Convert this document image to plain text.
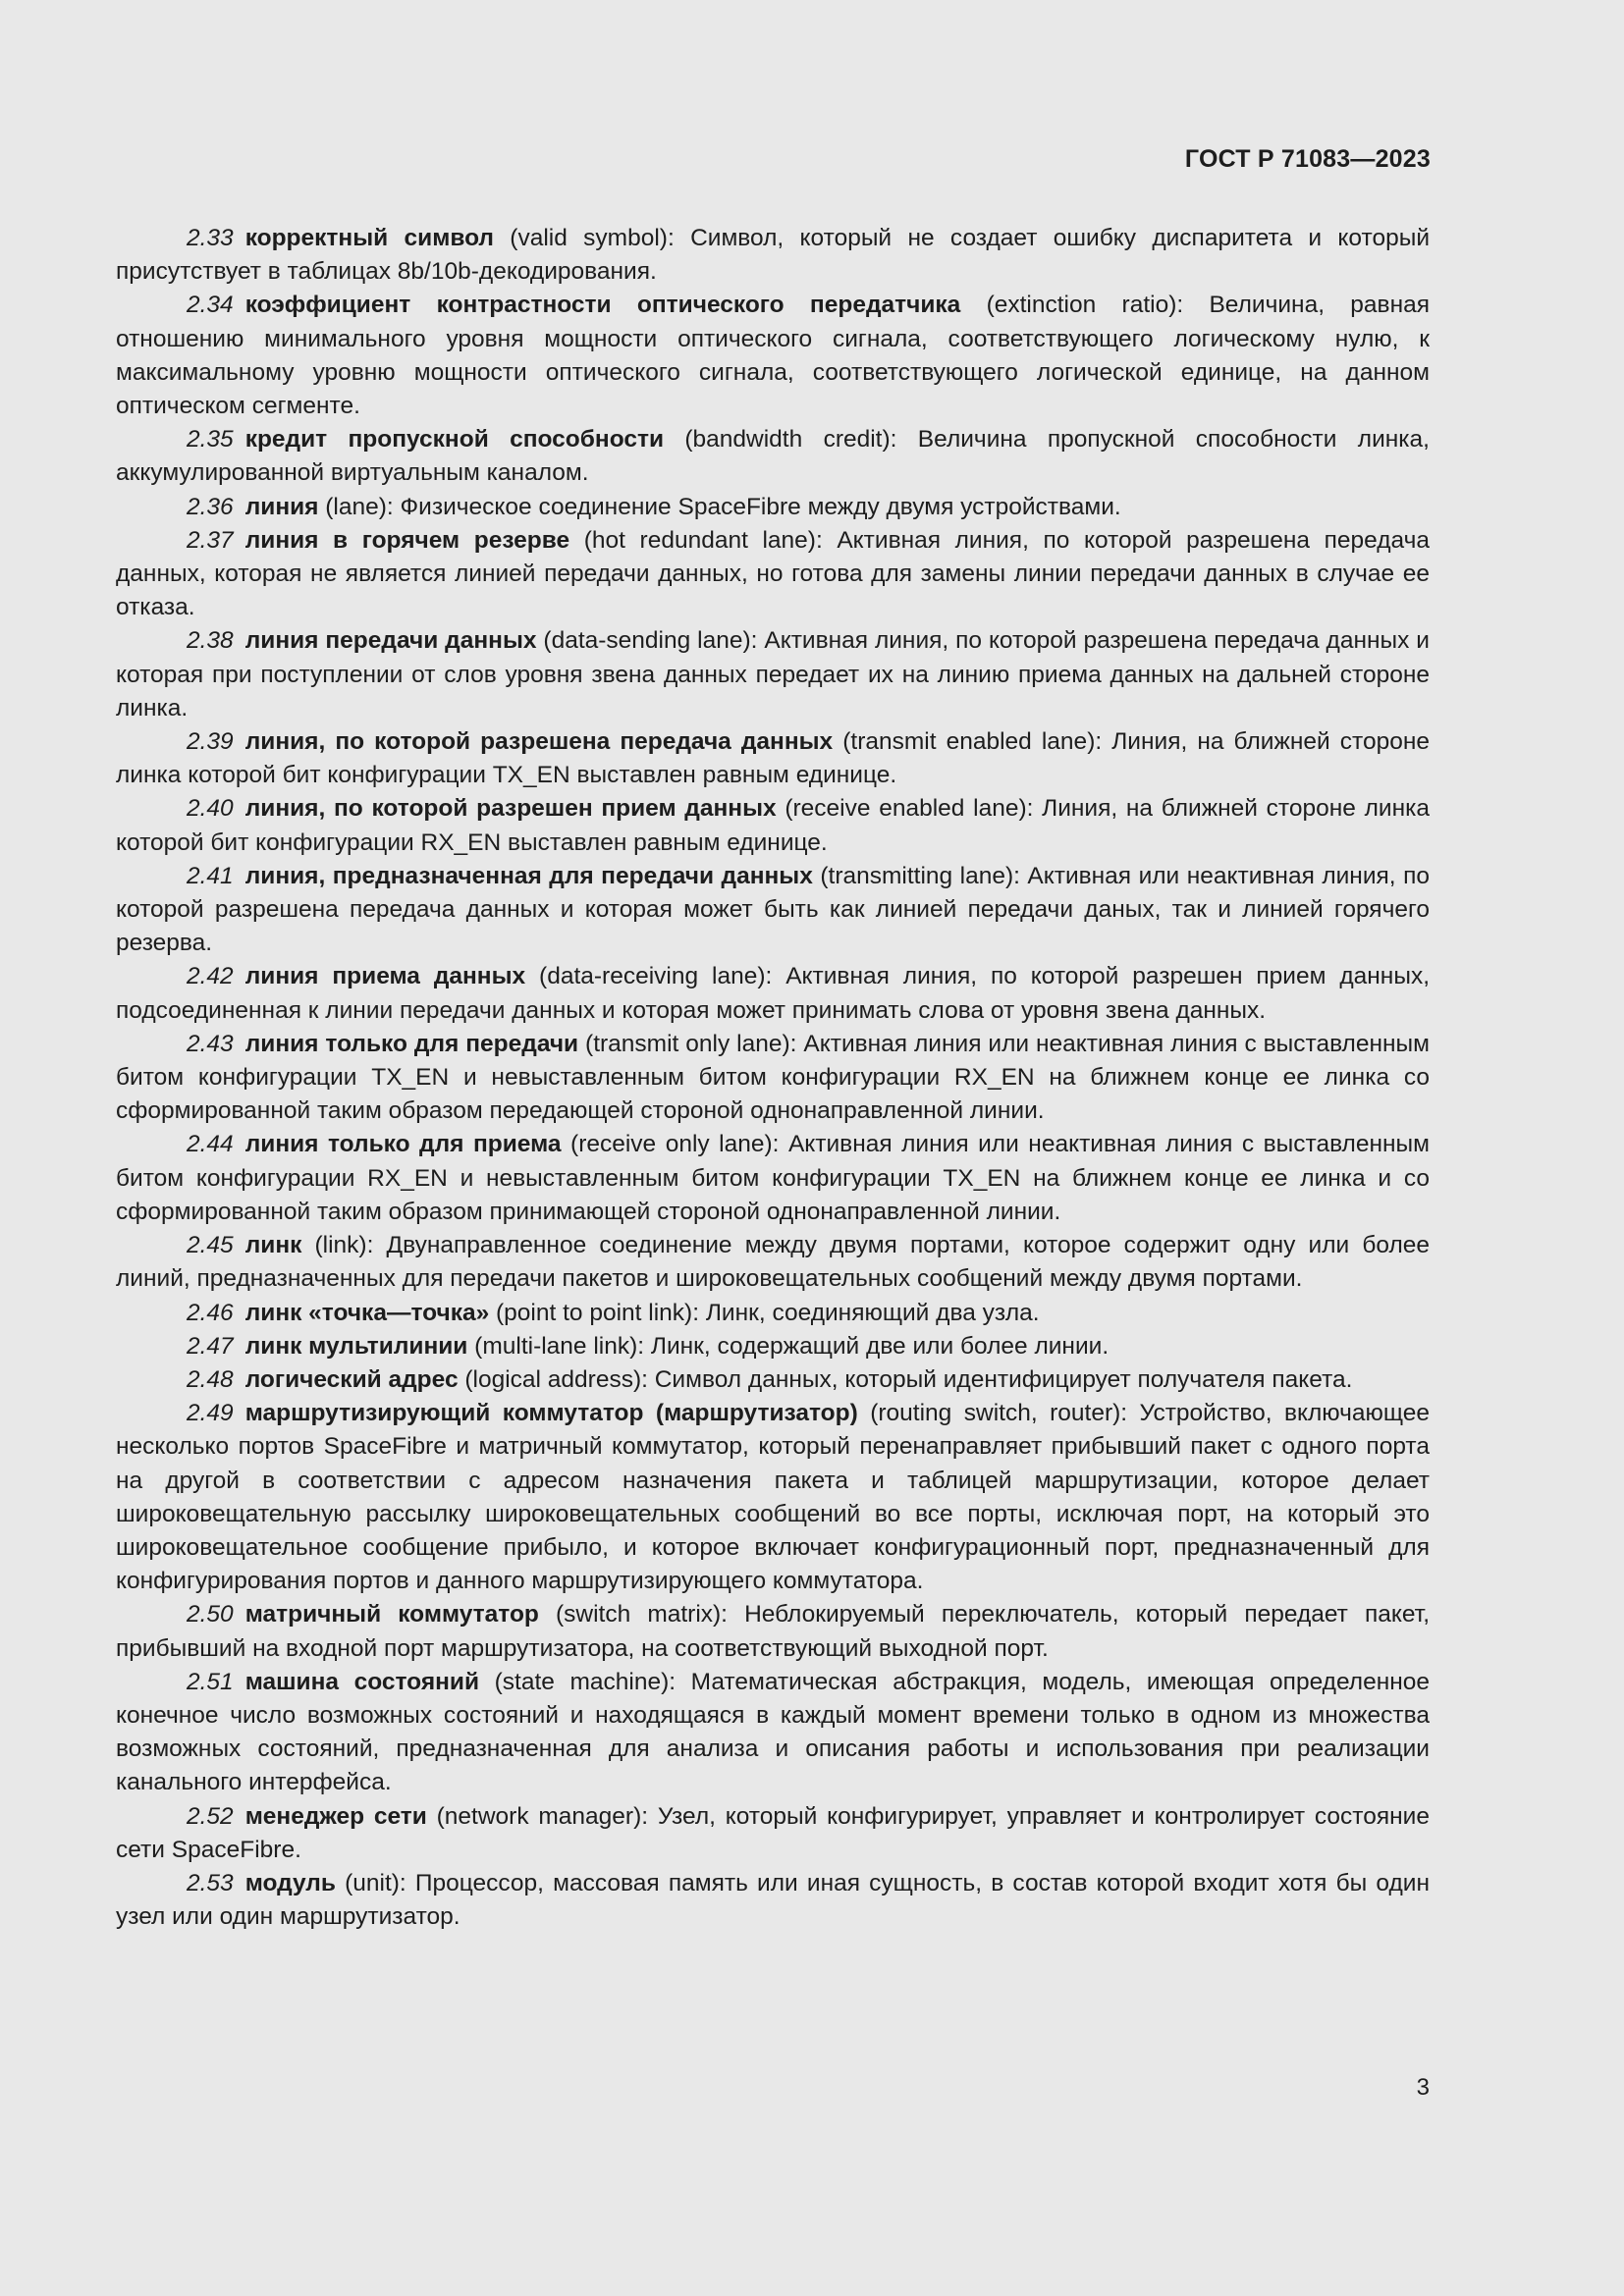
ГОСТ Р 71083—2023

2.33 корректный символ (valid symbol): Символ, который не создает ошибку диспаритета и который присутствует в таблицах 8b/10b-декодирования.

2.34 коэффициент контрастности оптического передатчика (extinction ratio): Величина, равная отношению минимального уровня мощности оптического сигнала, соответствующего логическому нулю, к максимальному уровню мощности оптического сигнала, соответствующего логической единице, на данном оптическом сегменте.

2.35 кредит пропускной способности (bandwidth credit): Величина пропускной способности линка, аккумулированной виртуальным каналом.

2.36 линия (lane): Физическое соединение SpaceFibre между двумя устройствами.

2.37 линия в горячем резерве (hot redundant lane): Активная линия, по которой разрешена передача данных, которая не является линией передачи данных, но готова для замены линии передачи данных в случае ее отказа.

2.38 линия передачи данных (data-sending lane): Активная линия, по которой разрешена передача данных и которая при поступлении от слов уровня звена данных передает их на линию приема данных на дальней стороне линка.

2.39 линия, по которой разрешена передача данных (transmit enabled lane): Линия, на ближней стороне линка которой бит конфигурации TX_EN выставлен равным единице.

2.40 линия, по которой разрешен прием данных (receive enabled lane): Линия, на ближней стороне линка которой бит конфигурации RX_EN выставлен равным единице.

2.41 линия, предназначенная для передачи данных (transmitting lane): Активная или неактивная линия, по которой разрешена передача данных и которая может быть как линией передачи даных, так и линией горячего резерва.

2.42 линия приема данных (data-receiving lane): Активная линия, по которой разрешен прием данных, подсоединенная к линии передачи данных и которая может принимать слова от уровня звена данных.

2.43 линия только для передачи (transmit only lane): Активная линия или неактивная линия с выставленным битом конфигурации TX_EN и невыставленным битом конфигурации RX_EN на ближнем конце ее линка со сформированной таким образом передающей стороной однонаправленной линии.

2.44 линия только для приема (receive only lane): Активная линия или неактивная линия с выставленным битом конфигурации RX_EN и невыставленным битом конфигурации TX_EN на ближнем конце ее линка и со сформированной таким образом принимающей стороной однонаправленной линии.

2.45 линк (link): Двунаправленное соединение между двумя портами, которое содержит одну или более линий, предназначенных для передачи пакетов и широковещательных сообщений между двумя портами.

2.46 линк «точка—точка» (point to point link): Линк, соединяющий два узла.

2.47 линк мультилинии (multi-lane link): Линк, содержащий две или более линии.

2.48 логический адрес (logical address): Символ данных, который идентифицирует получателя пакета.

2.49 маршрутизирующий коммутатор (маршрутизатор) (routing switch, router): Устройство, включающее несколько портов SpaceFibre и матричный коммутатор, который перенаправляет прибывший пакет с одного порта на другой в соответствии с адресом назначения пакета и таблицей маршрутизации, которое делает широковещательную рассылку широковещательных сообщений во все порты, исключая порт, на который это широковещательное сообщение прибыло, и которое включает конфигурационный порт, предназначенный для конфигурирования портов и данного маршрутизирующего коммутатора.

2.50 матричный коммутатор (switch matrix): Неблокируемый переключатель, который передает пакет, прибывший на входной порт маршрутизатора, на соответствующий выходной порт.

2.51 машина состояний (state machine): Математическая абстракция, модель, имеющая определенное конечное число возможных состояний и находящаяся в каждый момент времени только в одном из множества возможных состояний, предназначенная для анализа и описания работы и использования при реализации канального интерфейса.

2.52 менеджер сети (network manager): Узел, который конфигурирует, управляет и контролирует состояние сети SpaceFibre.

2.53 модуль (unit): Процессор, массовая память или иная сущность, в состав которой входит хотя бы один узел или один маршрутизатор.

3
